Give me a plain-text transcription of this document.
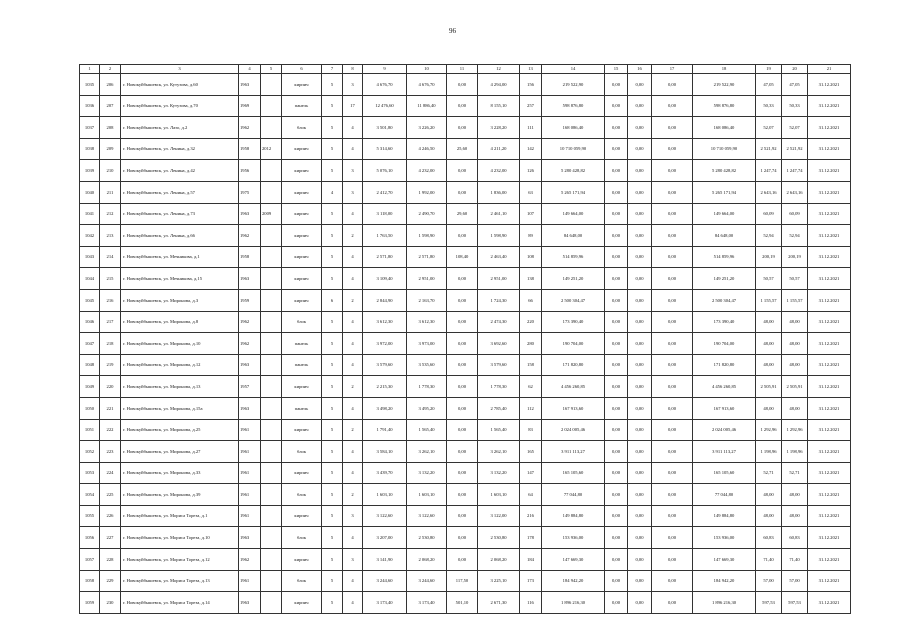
96
1	2	3	4	5	6	7	8	9	10	11	12	13	14	15	16	17	18	19	20	21
1035	206	г. Новокуйбышевск, ул. Кутузова, д.60	1963		кирпич	5	3	4 676,70	4 676,70	0,00	4 294,00	156	219 522,90	0,00	0,00	0,00	219 522,90	47,05	47,05	31.12.2021
1036	207	г. Новокуйбышевск, ул. Кутузова, д.70	1969		панель	5	17	12 476,60	11 886,40	0,00	8 155,10	257	598 876,80	0,00	0,00	0,00	598 876,80	50,33	50,33	31.12.2021
1037	208	г. Новокуйбышевск, ул. Лазо, д.2	1962		блок	5	4	3 501,80	3 226,20	0,00	3 228,20	111	168 086,40	0,00	0,00	0,00	168 086,40	52,07	52,07	31.12.2021
1038	209	г. Новокуйбышевск, ул. Ленина, д.32	1958	2012	кирпич	5	4	5 314,60	4 246,50	25,60	4 211,20	142	10 710 059,90	0,00	0,00	0,00	10 710 059,90	2 521,92	2 521,92	31.12.2021
1039	210	г. Новокуйбышевск, ул. Ленина, д.42	1956		кирпич	5	3	5 076,10	4 232,00	0,00	4 232,00	126	5 280 428,82	0,00	0,00	0,00	5 280 428,82	1 247,74	1 247,74	31.12.2021
1040	211	г. Новокуйбышевск, ул. Ленина, д.57	1975		кирпич	4	3	2 412,70	1 992,00	0,00	1 836,00	63	5 265 171,94	0,00	0,00	0,00	5 265 171,94	2 643,16	2 643,16	31.12.2021
1041	212	г. Новокуйбышевск, ул. Ленина, д.73	1963	2009	кирпич	5	4	3 118,00	2 490,70	29,60	2 461,10	107	149 664,00	0,00	0,00	0,00	149 664,00	60,09	60,09	31.12.2021
1042	213	г. Новокуйбышевск, ул. Ленина, д.66	1962		кирпич	5	2	1 763,50	1 598,90	0,00	1 598,90	89	84 648,00	0,00	0,00	0,00	84 648,00	52,94	52,94	31.12.2021
1043	214	г. Новокуйбышевск, ул. Мечникова, д.1	1958		кирпич	5	4	2 571,80	2 571,80	108,40	2 463,40	108	514 859,96	0,00	0,00	0,00	514 859,96	200,19	200,19	31.12.2021
1044	215	г. Новокуйбышевск, ул. Мечникова, д.15	1963		кирпич	5	4	3 109,40	2 951,00	0,00	2 951,00	138	149 251,20	0,00	0,00	0,00	149 251,20	50,57	50,57	31.12.2021
1045	216	г. Новокуйбышевск, ул. Миронова, д.3	1959		кирпич	6	2	2 844,90	2 163,70	0,00	1 724,30	66	2 500 304,47	0,00	0,00	0,00	2 500 304,47	1 155,57	1 155,57	31.12.2021
1046	217	г. Новокуйбышевск, ул. Миронова, д.8	1962		блок	5	4	3 612,30	3 612,30	0,00	2 474,30	220	173 390,40	0,00	0,00	0,00	173 390,40	48,00	48,00	31.12.2021
1047	218	г. Новокуйбышевск, ул. Миронова, д.10	1962		панель	5	4	3 972,00	3 973,00	0,00	3 692,60	280	190 704,00	0,00	0,00	0,00	190 704,00	48,00	48,00	31.12.2021
1048	219	г. Новокуйбышевск, ул. Миронова, д.12	1963		панель	5	4	3 579,60	3 535,60	0,00	3 579,60	158	171 820,80	0,00	0,00	0,00	171 820,80	48,00	48,00	31.12.2021
1049	220	г. Новокуйбышевск, ул. Миронова, д.13	1957		кирпич	5	2	2 215,30	1 778,30	0,00	1 778,30	62	4 456 260,85	0,00	0,00	0,00	4 456 260,85	2 505,91	2 505,91	31.12.2021
1050	221	г. Новокуйбышевск, ул. Миронова, д.15а	1963		панель	5	4	3 498,20	3 495,20	0,00	2 785,40	112	167 913,60	0,00	0,00	0,00	167 913,60	48,00	48,00	31.12.2021
1051	222	г. Новокуйбышевск, ул. Миронова, д.25	1961		кирпич	5	2	1 791,40	1 565,40	0,00	1 565,40	83	2 024 005,46	0,00	0,00	0,00	2 024 005,46	1 292,96	1 292,96	31.12.2021
1052	223	г. Новокуйбышевск, ул. Миронова, д.27	1961		блок	5	4	3 584,10	3 262,10	0,00	3 262,10	165	3 911 113,27	0,00	0,00	0,00	3 911 113,27	1 198,96	1 198,96	31.12.2021
1053	224	г. Новокуйбышевск, ул. Миронова, д.33	1961		кирпич	5	4	3 439,70	3 132,20	0,00	3 132,20	147	165 105,60	0,00	0,00	0,00	165 105,60	52,71	52,71	31.12.2021
1054	225	г. Новокуйбышевск, ул. Миронова, д.39	1961		блок	5	2	1 603,10	1 603,10	0,00	1 603,10	64	77 044,80	0,00	0,00	0,00	77 044,80	48,00	48,00	31.12.2021
1055	226	г. Новокуйбышевск, ул. Мориса Тореза, д.1	1961		кирпич	5	3	3 122,60	3 122,60	0,00	3 122,00	216	149 884,80	0,00	0,00	0,00	149 884,80	48,00	48,00	31.12.2021
1056	227	г. Новокуйбышевск, ул. Мориса Тореза, д.10	1963		блок	5	4	3 207,00	2 530,80	0,00	2 530,80	178	153 936,00	0,00	0,00	0,00	153 936,00	60,83	60,83	31.12.2021
1057	228	г. Новокуйбышевск, ул. Мориса Тореза, д.12	1962		кирпич	5	3	3 141,90	2 068,20	0,00	2 068,20	184	147 669,30	0,00	0,00	0,00	147 669,30	71,40	71,40	31.12.2021
1058	229	г. Новокуйбышевск, ул. Мориса Тореза, д.13	1961		блок	5	4	3 244,60	3 244,60	117,50	3 225,10	173	184 942,20	0,00	0,00	0,00	184 942,20	57,00	57,00	31.12.2021
1059	230	г. Новокуйбышевск, ул. Мориса Тореза, д.14	1963		кирпич	5	4	3 173,40	3 173,40	501,10	2 671,30	116	1 896 216,30	0,00	0,00	0,00	1 896 216,30	597,53	597,53	31.12.2021
